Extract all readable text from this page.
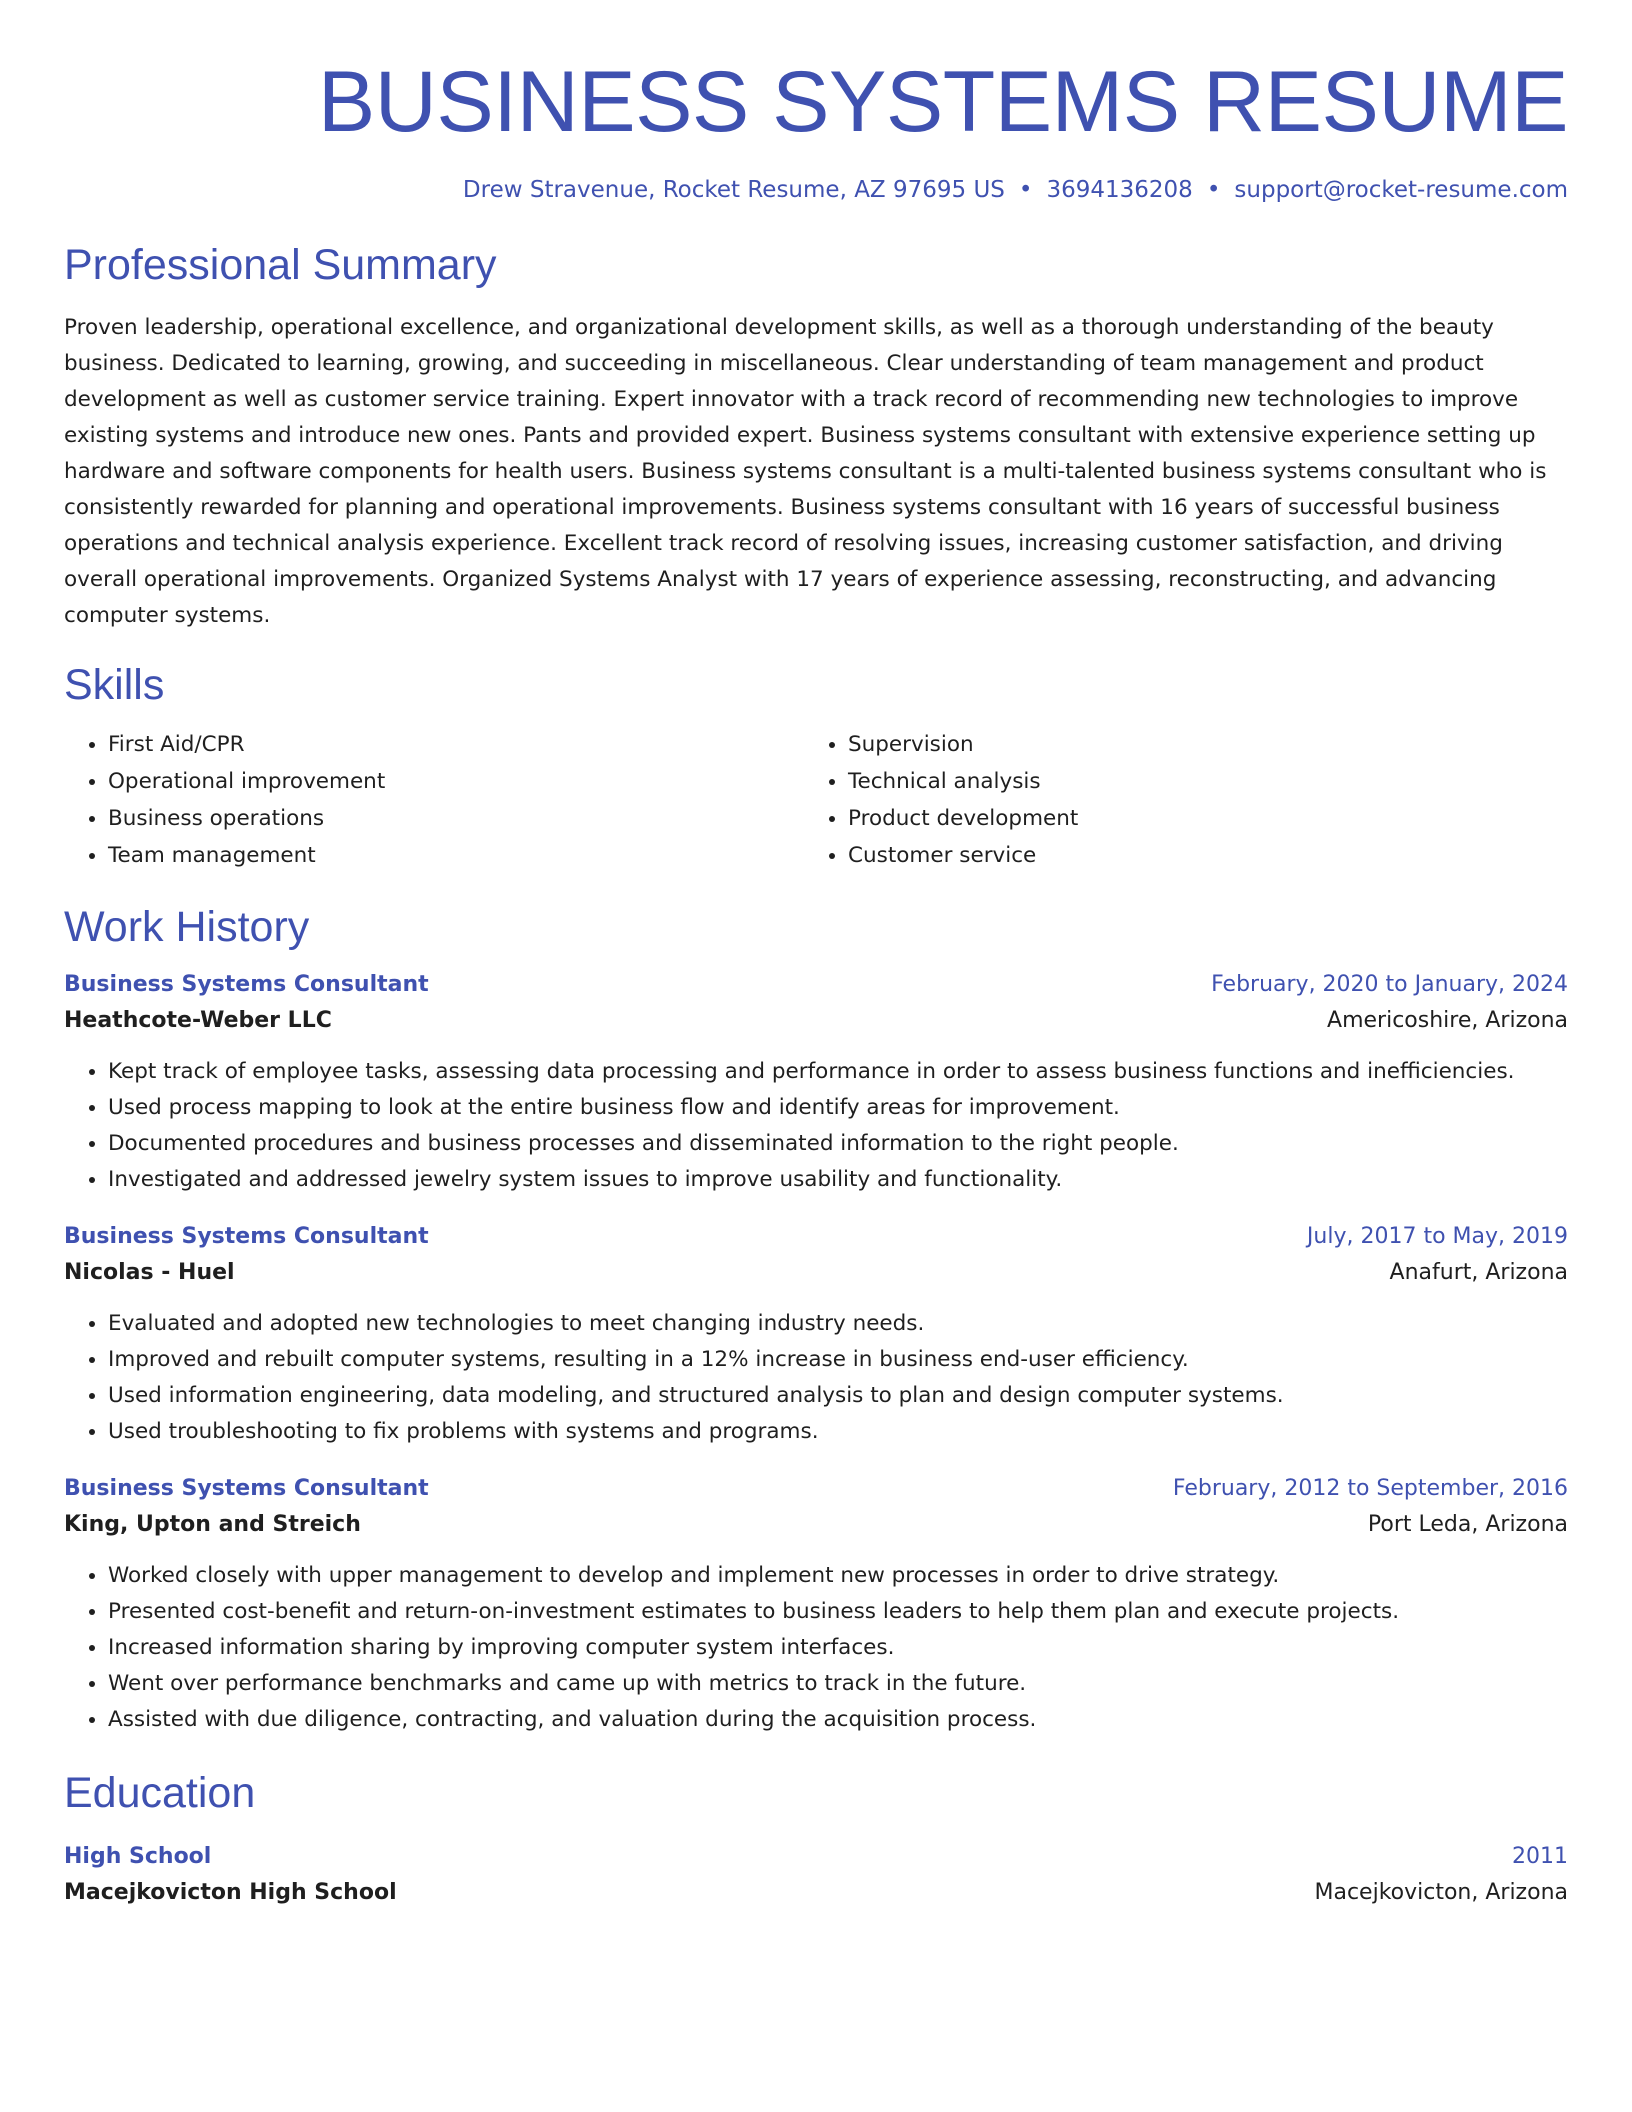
BUSINESS SYSTEMS RESUME
Drew Stravenue, Rocket Resume, AZ 97695 US • 3694136208 • support@rocket-resume.com
Professional Summary

Proven leadership, operational excellence, and organizational development skills, as well as a thorough understanding of the beauty business. Dedicated to learning, growing, and succeeding in miscellaneous. Clear understanding of team management and product development as well as customer service training. Expert innovator with a track record of recommending new technologies to improve existing systems and introduce new ones. Pants and provided expert. Business systems consultant with extensive experience setting up hardware and software components for health users. Business systems consultant is a multi-talented business systems consultant who is consistently rewarded for planning and operational improvements. Business systems consultant with 16 years of successful business operations and technical analysis experience. Excellent track record of resolving issues, increasing customer satisfaction, and driving overall operational improvements. Organized Systems Analyst with 17 years of experience assessing, reconstructing, and advancing computer systems.

Skills
• First Aid/CPR
• Operational improvement
• Business operations
• Team management
• Supervision
• Technical analysis
• Product development
• Customer service
Work History
Business Systems Consultant	February, 2020 to January, 2024
Heathcote-Weber LLC	Americoshire, Arizona
• Kept track of employee tasks, assessing data processing and performance in order to assess business functions and inefficiencies.
• Used process mapping to look at the entire business flow and identify areas for improvement.
• Documented procedures and business processes and disseminated information to the right people.
• Investigated and addressed jewelry system issues to improve usability and functionality.
Business Systems Consultant	July, 2017 to May, 2019
Nicolas - Huel	Anafurt, Arizona
• Evaluated and adopted new technologies to meet changing industry needs.
• Improved and rebuilt computer systems, resulting in a 12% increase in business end-user efficiency.
• Used information engineering, data modeling, and structured analysis to plan and design computer systems.
• Used troubleshooting to fix problems with systems and programs.
Business Systems Consultant	February, 2012 to September, 2016
King, Upton and Streich	Port Leda, Arizona
• Worked closely with upper management to develop and implement new processes in order to drive strategy.
• Presented cost-benefit and return-on-investment estimates to business leaders to help them plan and execute projects.
• Increased information sharing by improving computer system interfaces.
• Went over performance benchmarks and came up with metrics to track in the future.
• Assisted with due diligence, contracting, and valuation during the acquisition process.
Education
High School	2011
Macejkovicton High School	Macejkovicton, Arizona
